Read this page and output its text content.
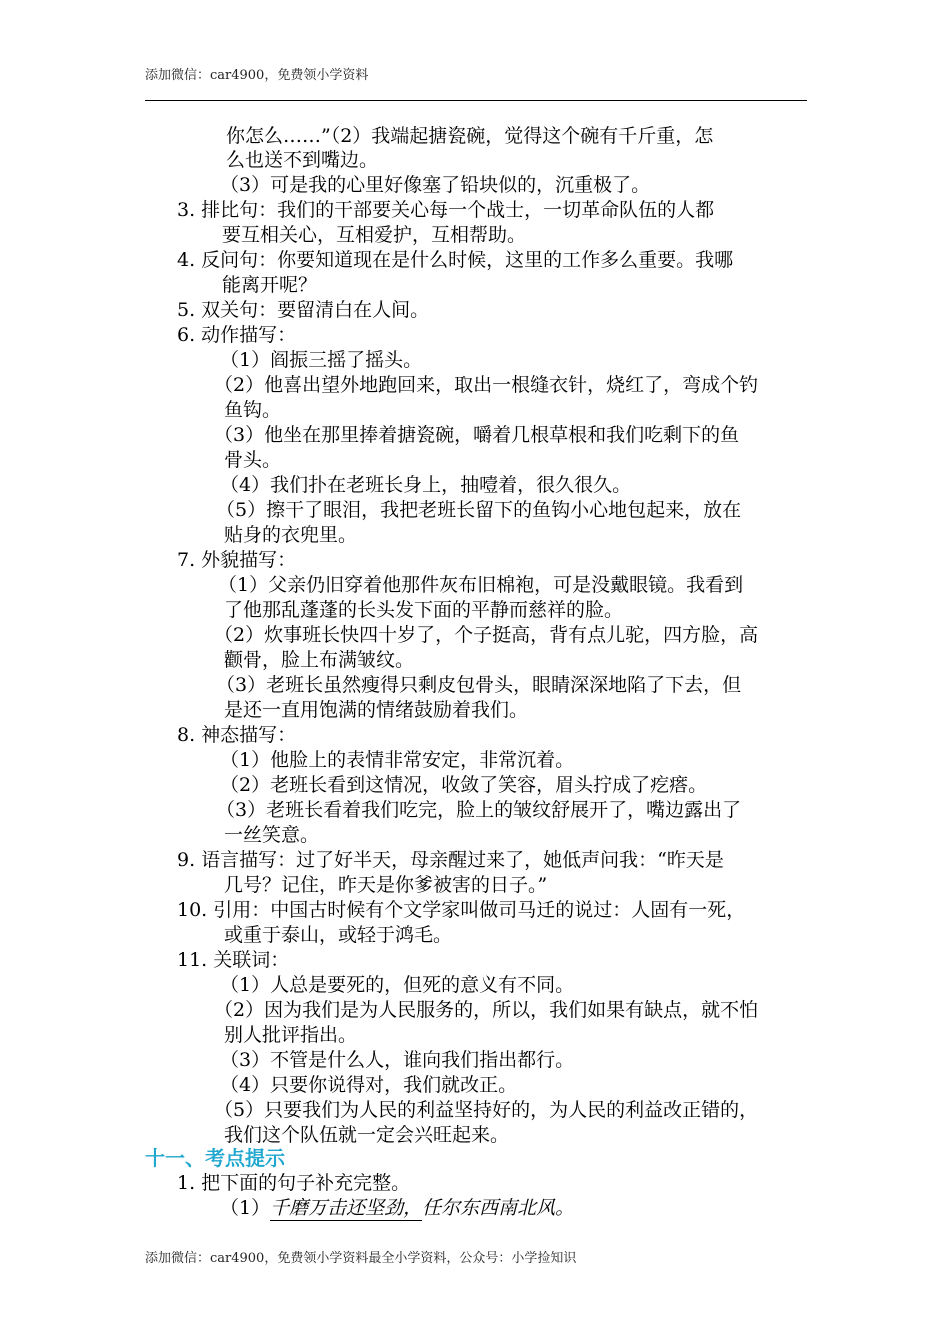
添加微信：car4900，免费领小学资料
你怎么……”（2）我端起搪瓷碗，觉得这个碗有千斤重，怎
么也送不到嘴边。
（3）可是我的心里好像塞了铅块似的，沉重极了。
3. 排比句：我们的干部要关心每一个战士，一切革命队伍的人都
要互相关心，互相爱护，互相帮助。
4. 反问句：你要知道现在是什么时候，这里的工作多么重要。我哪
能离开呢？
5. 双关句：要留清白在人间。
6. 动作描写：
（1）阎振三摇了摇头。
（2）他喜出望外地跑回来，取出一根缝衣针，烧红了，弯成个钓
鱼钩。
（3）他坐在那里捧着搪瓷碗，嚼着几根草根和我们吃剩下的鱼
骨头。
（4）我们扑在老班长身上，抽噎着，很久很久。
（5）擦干了眼泪，我把老班长留下的鱼钩小心地包起来，放在
贴身的衣兜里。
7. 外貌描写：
（1）父亲仍旧穿着他那件灰布旧棉袍，可是没戴眼镜。我看到
了他那乱蓬蓬的长头发下面的平静而慈祥的脸。
（2）炊事班长快四十岁了，个子挺高，背有点儿驼，四方脸，高
颧骨，脸上布满皱纹。
（3）老班长虽然瘦得只剩皮包骨头，眼睛深深地陷了下去，但
是还一直用饱满的情绪鼓励着我们。
8. 神态描写：
（1）他脸上的表情非常安定，非常沉着。
（2）老班长看到这情况，收敛了笑容，眉头拧成了疙瘩。
（3）老班长看着我们吃完，脸上的皱纹舒展开了，嘴边露出了
一丝笑意。
9. 语言描写：过了好半天，母亲醒过来了，她低声问我：“昨天是
几号？记住，昨天是你爹被害的日子。”
10. 引用：中国古时候有个文学家叫做司马迁的说过：人固有一死，
或重于泰山，或轻于鸿毛。
11. 关联词：
（1）人总是要死的，但死的意义有不同。
（2）因为我们是为人民服务的，所以，我们如果有缺点，就不怕
别人批评指出。
（3）不管是什么人，谁向我们指出都行。
（4）只要你说得对，我们就改正。
（5）只要我们为人民的利益坚持好的，为人民的利益改正错的，
我们这个队伍就一定会兴旺起来。
十一、考点提示
1. 把下面的句子补充完整。
（1）千磨万击还坚劲，任尔东西南北风。
添加微信：car4900，免费领小学资料最全小学资料，公众号：小学捡知识
